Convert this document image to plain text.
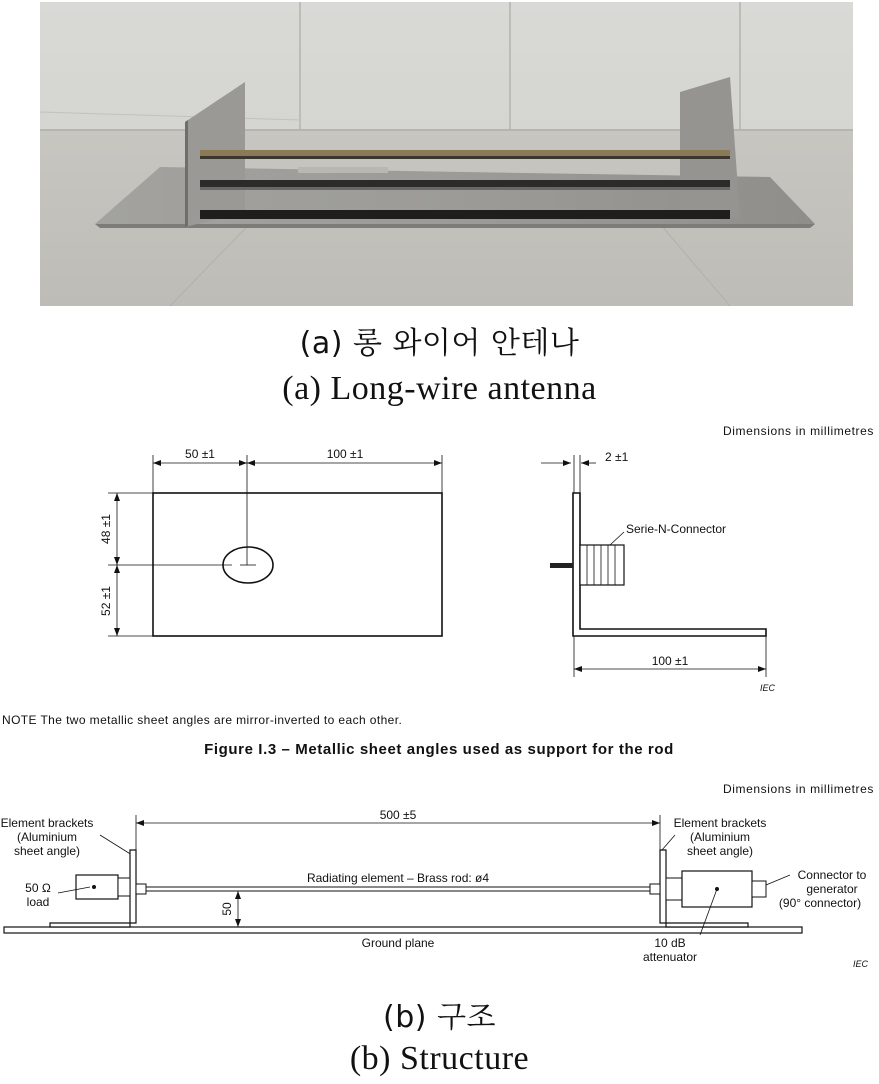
(a) 롱 와이어 안테나
(a) Long-wire antenna
Dimensions in millimetres
50 ±1	100 ±1
48 ±1
52 ±1
2 ±1
Serie-N-Connector
100 ±1
IEC
NOTE The two metallic sheet angles are mirror-inverted to each other.
Figure I.3 – Metallic sheet angles used as support for the rod
Dimensions in millimetres
Element brackets
(Aluminium
sheet angle)
Element brackets
(Aluminium
sheet angle)
500 ±5
Ground plane
50 Ω
load
Radiating element – Brass rod: ø4	Connector to
generator
(90° connector)
10 dB
attenuator
50
IEC
(b) 구조
(b) Structure
